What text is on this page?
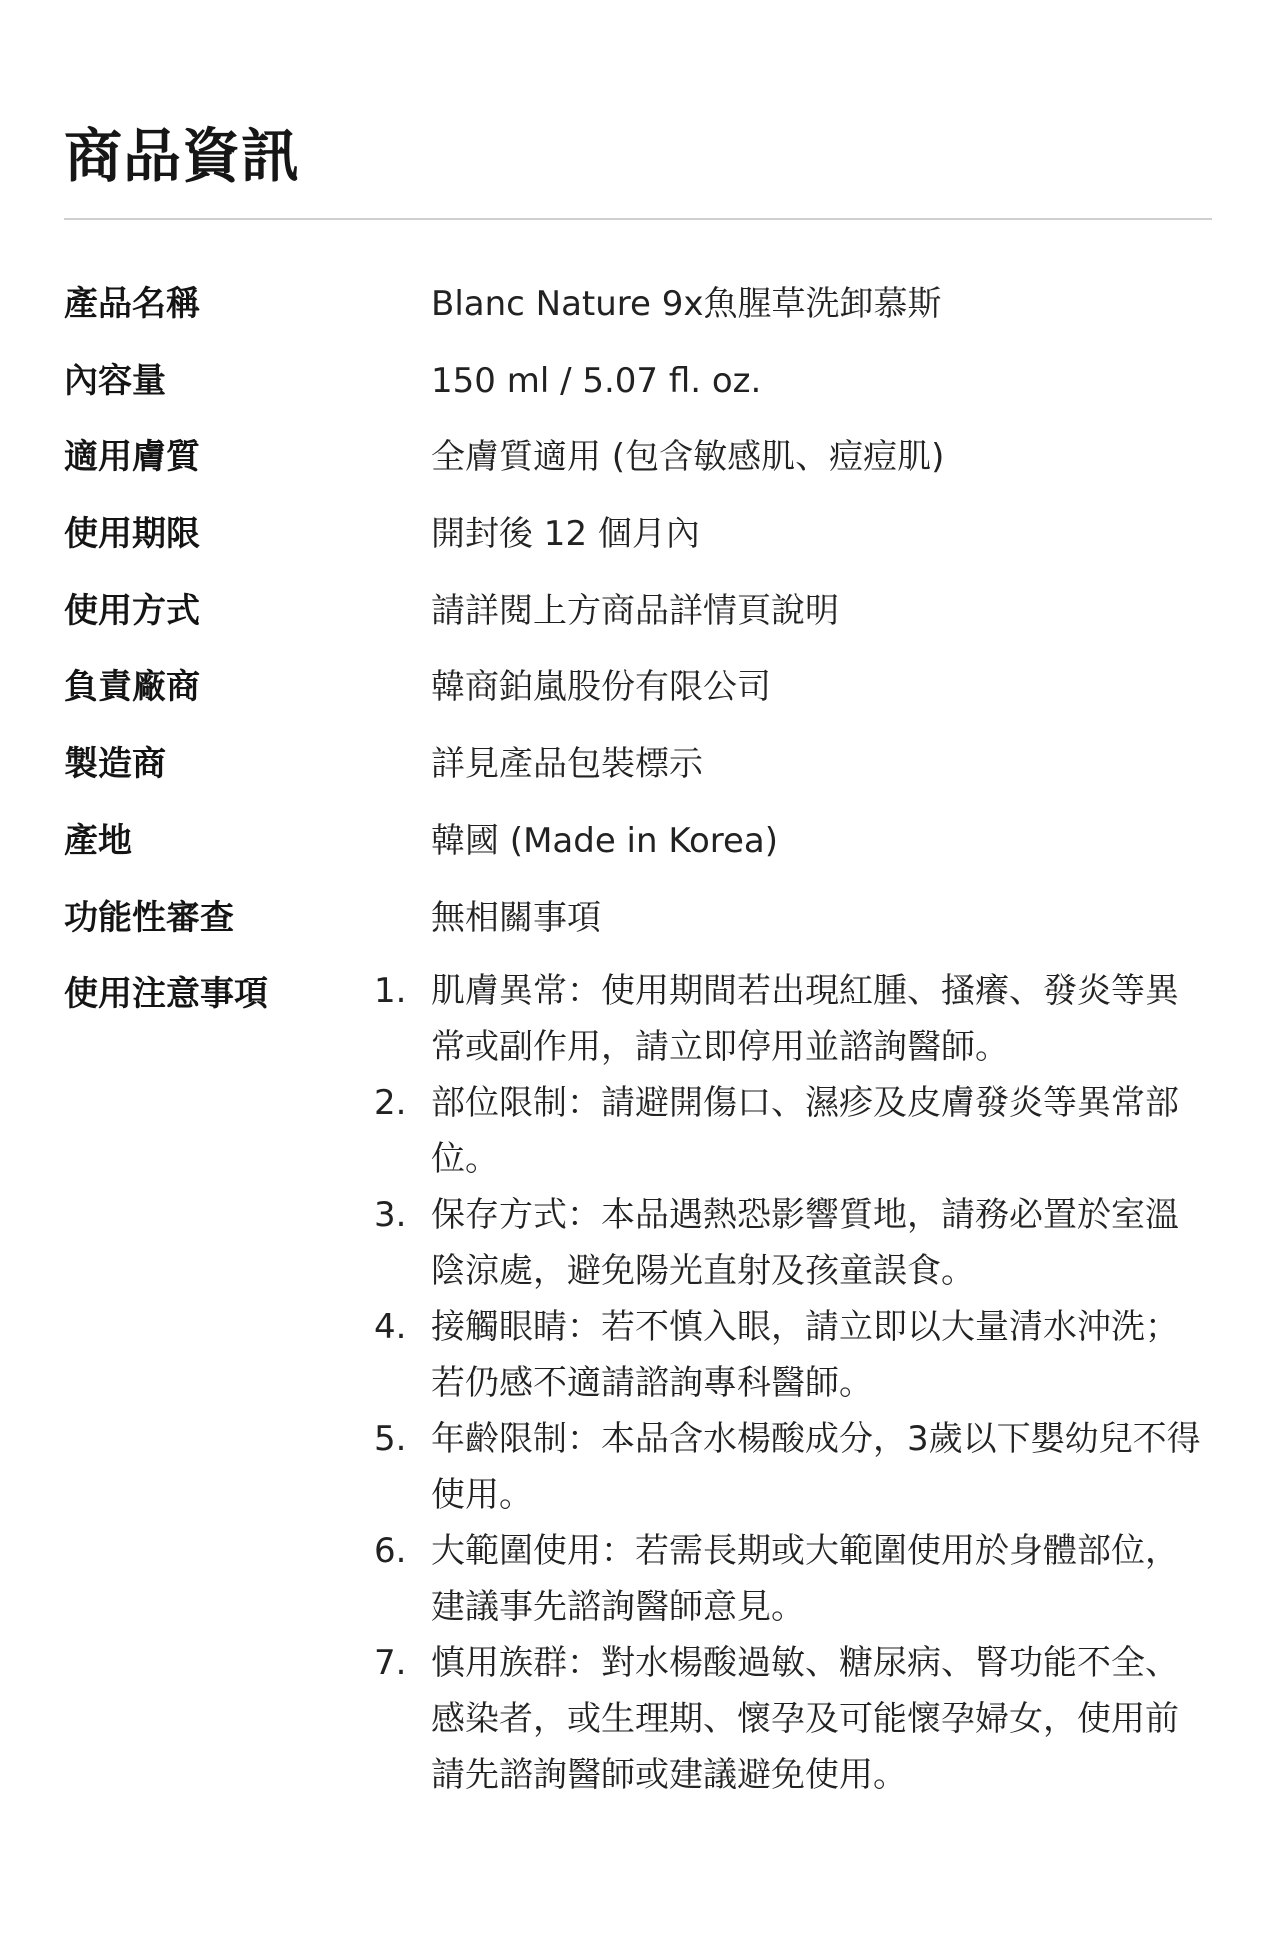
商品資訊
產品名稱	Blanc Nature 9x魚腥草洗卸慕斯
內容量	150 ml / 5.07 fl. oz.
適用膚質	全膚質適用 (包含敏感肌、痘痘肌)
使用期限	開封後 12 個月內
使用方式	請詳閱上方商品詳情頁說明
負責廠商	韓商鉑嵐股份有限公司
製造商	詳見產品包裝標示
產地	韓國 (Made in Korea)
功能性審查	無相關事項
使用注意事項	1. 肌膚異常：使用期間若出現紅腫、搔癢、發炎等異常或副作用，請立即停用並諮詢醫師。
2. 部位限制：請避開傷口、濕疹及皮膚發炎等異常部位。
3. 保存方式：本品遇熱恐影響質地，請務必置於室溫陰涼處，避免陽光直射及孩童誤食。
4. 接觸眼睛：若不慎入眼，請立即以大量清水沖洗；若仍感不適請諮詢專科醫師。
5. 年齡限制：本品含水楊酸成分，3歲以下嬰幼兒不得使用。
6. 大範圍使用：若需長期或大範圍使用於身體部位，建議事先諮詢醫師意見。
7. 慎用族群：對水楊酸過敏、糖尿病、腎功能不全、感染者，或生理期、懷孕及可能懷孕婦女，使用前請先諮詢醫師或建議避免使用。
